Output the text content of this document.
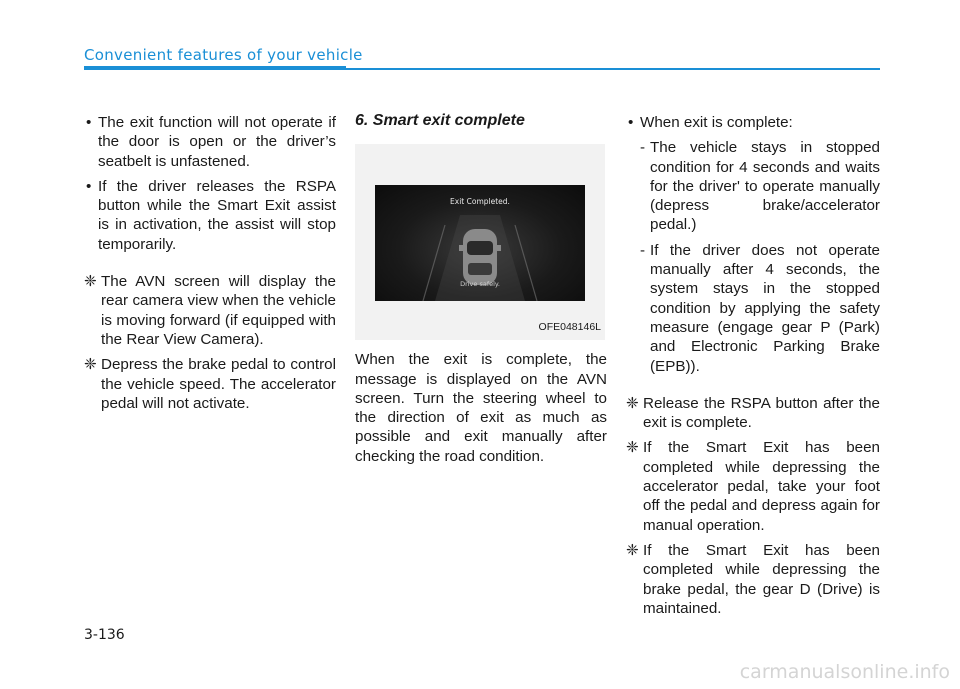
Convenient features of your vehicle
• The exit function will not operate if the door is open or the driver’s seatbelt is unfastened.
• If the driver releases the RSPA button while the Smart Exit assist is in activation, the assist will stop temporarily.
❈ The AVN screen will display the rear camera view when the vehicle is moving forward (if equipped with the Rear View Camera).
❈ Depress the brake pedal to control the vehicle speed. The accelerator pedal will not activate.
6. Smart exit complete
Exit Completed.
Drive safely.
OFE048146L
When the exit is complete, the message is displayed on the AVN screen. Turn the steering wheel to the direction of exit as much as possible and exit manually after checking the road condition.
• When exit is complete:
- The vehicle stays in stopped condition for 4 seconds and waits for the driver' to operate manually (depress brake/accelerator pedal.)
- If the driver does not operate manually after 4 seconds, the system stays in the stopped condition by applying the safety measure (engage gear P (Park) and Electronic Parking Brake (EPB)).
❈ Release the RSPA button after the exit is complete.
❈ If the Smart Exit has been completed while depressing the accelerator pedal, take your foot off the pedal and depress again for manual operation.
❈ If the Smart Exit has been completed while depressing the brake pedal, the gear D (Drive) is maintained.
3-136
carmanualsonline.info
